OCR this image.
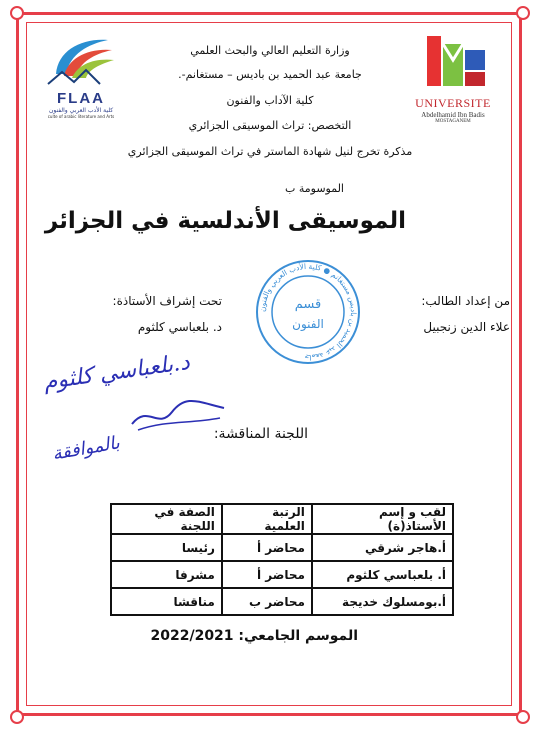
FLAA
كلية الأدب العربي والفنون
culte of arabic literature and Arts
UNIVERSITE
Abdelhamid Ibn Badis
MOSTAGANEM
وزارة التعليم العالي والبحث العلمي
جامعة عبد الحميد بن باديس – مستغانم-.
كلية الآداب والفنون
التخصص: تراث الموسيقى الجزائري
مذكرة تخرج لنيل شهادة الماستر في تراث الموسيقى الجزائري
الموسومة ب
الموسيقى الأندلسية في الجزائر
من إعداد الطالب:
علاء الدين زنجبيل
تحت إشراف الأستاذة:
د. بلعباسي كلثوم
جامعة عبد الحميد بن باديس مستغانم ● كلية الأدب العربي والفنون
قسم
الفنون
د.بلعباسي كلثوم
بالموافقة	اللجنة المناقشة:
لقب و إسم الأستاذ(ة)	الرتبة العلمية	الصفة في اللجنة
أ.هاجر شرقي	محاضر أ	رئيسا
أ. بلعباسي كلثوم	محاضر أ	مشرفا
أ.بومسلوك خديجة	محاضر ب	مناقشا
الموسم الجامعي: 2022/2021
